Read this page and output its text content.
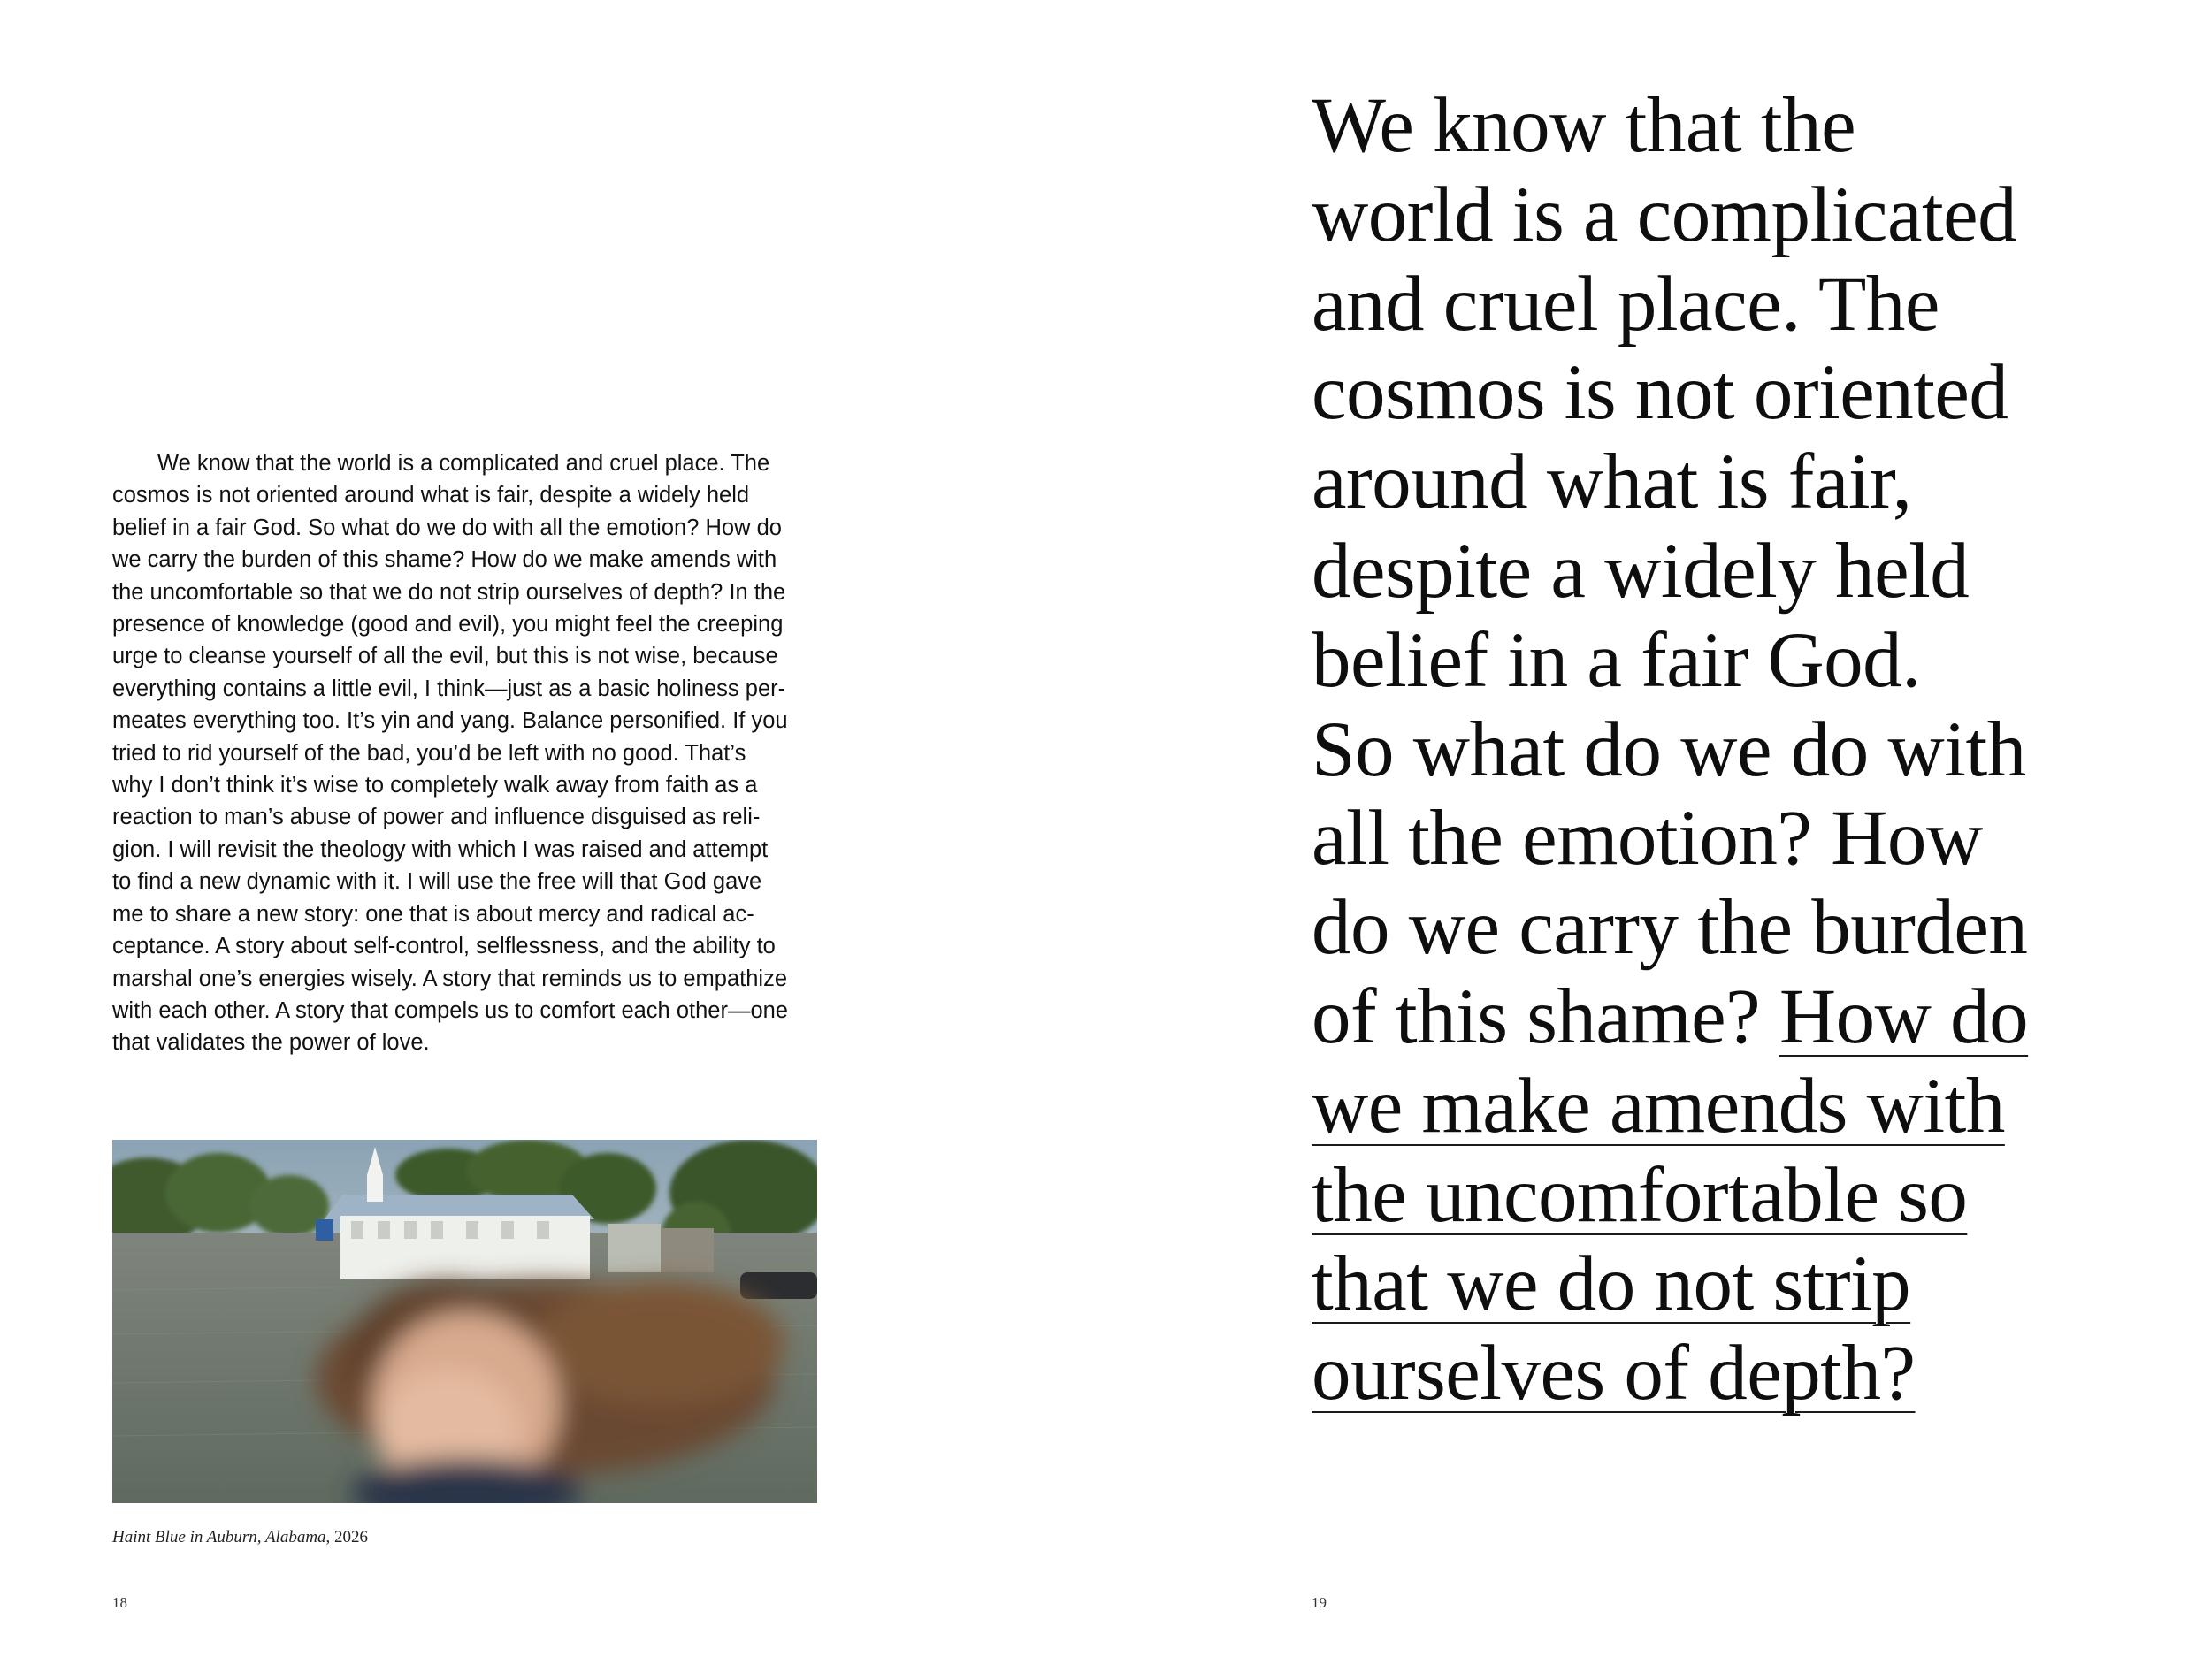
We know that the world is a complicated and cruel place. The
cosmos is not oriented around what is fair, despite a widely held
belief in a fair God. So what do we do with all the emotion? How do
we carry the burden of this shame? How do we make amends with
the uncomfortable so that we do not strip ourselves of depth? In the
presence of knowledge (good and evil), you might feel the creeping
urge to cleanse yourself of all the evil, but this is not wise, because
everything contains a little evil, I think—just as a basic holiness per-
meates everything too. It’s yin and yang. Balance personified. If you
tried to rid yourself of the bad, you’d be left with no good. That’s
why I don’t think it’s wise to completely walk away from faith as a
reaction to man’s abuse of power and influence disguised as reli-
gion. I will revisit the theology with which I was raised and attempt
to find a new dynamic with it. I will use the free will that God gave
me to share a new story: one that is about mercy and radical ac-
ceptance. A story about self-control, selflessness, and the ability to
marshal one’s energies wisely. A story that reminds us to empathize
with each other. A story that compels us to comfort each other—one
that validates the power of love.

Haint Blue in Auburn, Alabama, 2026

18

We know that the
world is a complicated
and cruel place. The
cosmos is not oriented
around what is fair,
despite a widely held
belief in a fair God.
So what do we do with
all the emotion? How
do we carry the burden
of this shame? How do
we make amends with
the uncomfortable so
that we do not strip
ourselves of depth?

19
